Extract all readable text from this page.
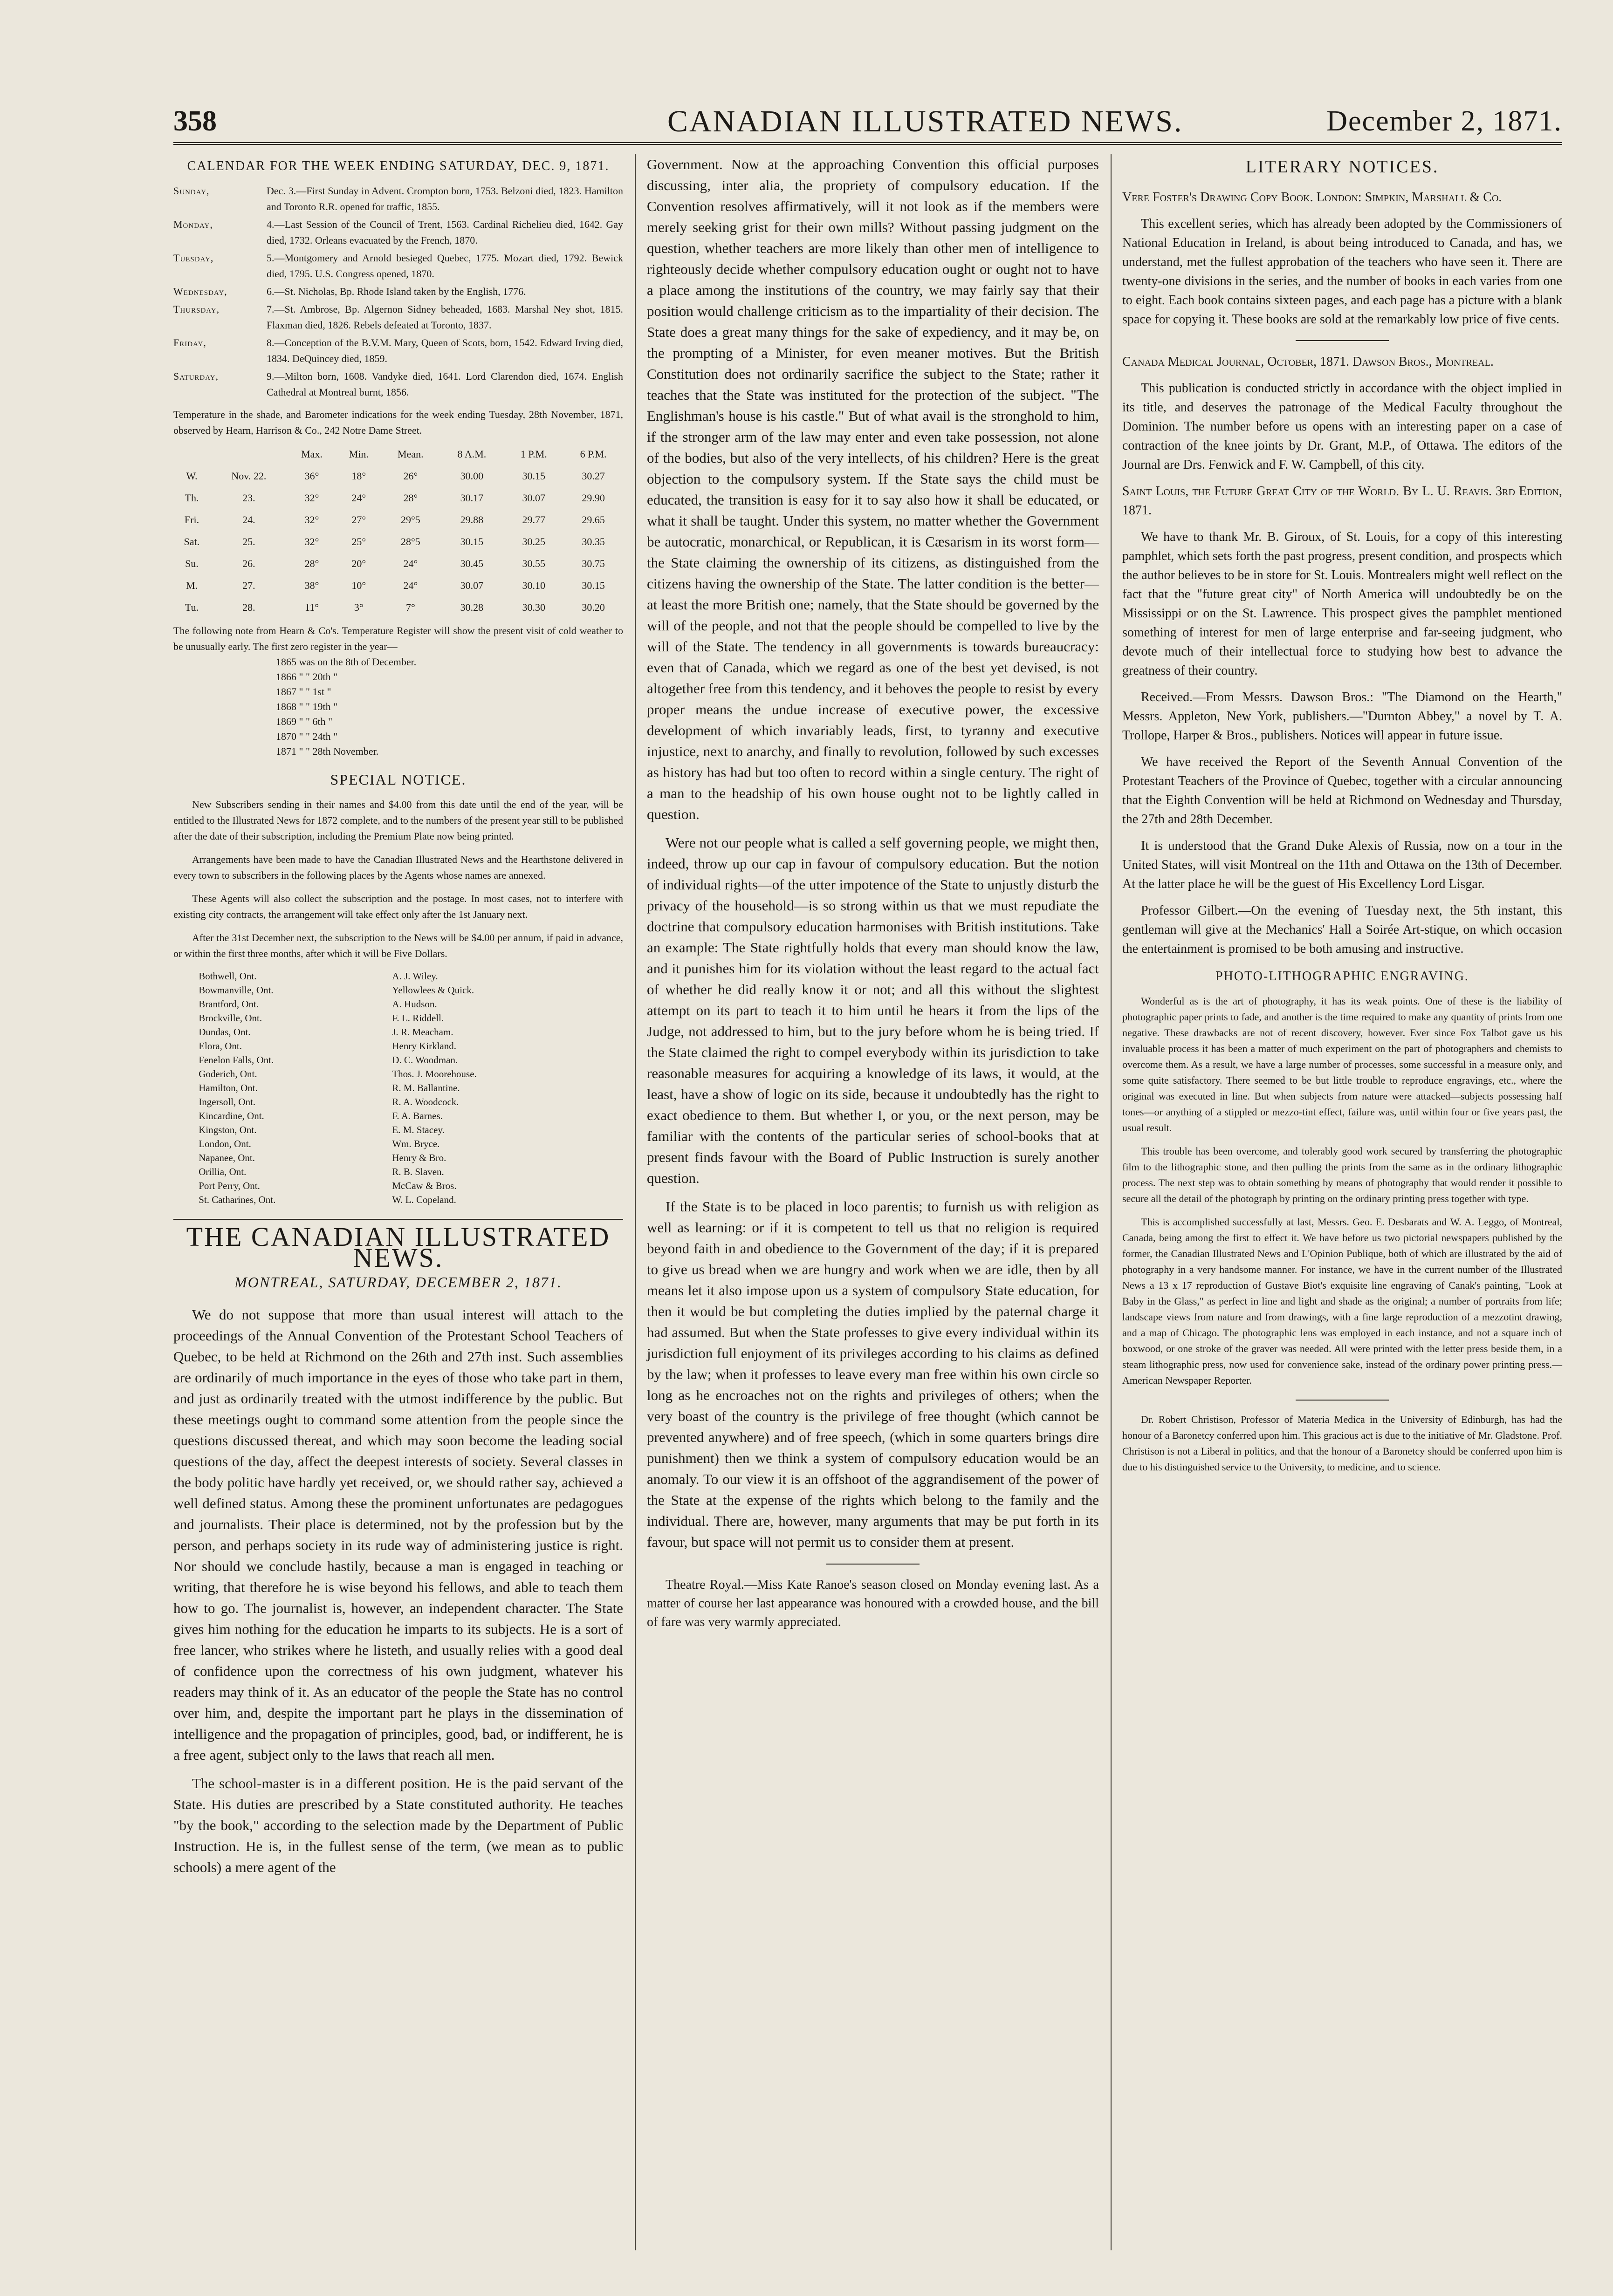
358	CANADIAN ILLUSTRATED NEWS.	December 2, 1871.
CALENDAR FOR THE WEEK ENDING SATURDAY, DEC. 9, 1871.
Sunday,	Dec. 3.—First Sunday in Advent. Crompton born, 1753. Belzoni died, 1823. Hamilton and Toronto R.R. opened for traffic, 1855.
Monday,	4.—Last Session of the Council of Trent, 1563. Cardinal Richelieu died, 1642. Gay died, 1732. Orleans evacuated by the French, 1870.
Tuesday,	5.—Montgomery and Arnold besieged Quebec, 1775. Mozart died, 1792. Bewick died, 1795. U.S. Congress opened, 1870.
Wednesday,	6.—St. Nicholas, Bp. Rhode Island taken by the English, 1776.
Thursday,	7.—St. Ambrose, Bp. Algernon Sidney beheaded, 1683. Marshal Ney shot, 1815. Flaxman died, 1826. Rebels defeated at Toronto, 1837.
Friday,	8.—Conception of the B.V.M. Mary, Queen of Scots, born, 1542. Edward Irving died, 1834. DeQuincey died, 1859.
Saturday,	9.—Milton born, 1608. Vandyke died, 1641. Lord Clarendon died, 1674. English Cathedral at Montreal burnt, 1856.
Temperature in the shade, and Barometer indications for the week ending Tuesday, 28th November, 1871, observed by Hearn, Harrison & Co., 242 Notre Dame Street.
		Max.	Min.	Mean.	8 A.M.	1 P.M.	6 P.M.
W.	Nov. 22.	36°	18°	26°	30.00	30.15	30.27
Th.	23.	32°	24°	28°	30.17	30.07	29.90
Fri.	24.	32°	27°	29°5	29.88	29.77	29.65
Sat.	25.	32°	25°	28°5	30.15	30.25	30.35
Su.	26.	28°	20°	24°	30.45	30.55	30.75
M.	27.	38°	10°	24°	30.07	30.10	30.15
Tu.	28.	11°	3°	7°	30.28	30.30	30.20
The following note from Hearn & Co's. Temperature Register will show the present visit of cold weather to be unusually early. The first zero register in the year—
1865 was on the 8th of December.
1866 " " 20th "
1867 " " 1st "
1868 " " 19th "
1869 " " 6th "
1870 " " 24th "
1871 " " 28th November.
SPECIAL NOTICE.

New Subscribers sending in their names and $4.00 from this date until the end of the year, will be entitled to the Illustrated News for 1872 complete, and to the numbers of the present year still to be published after the date of their subscription, including the Premium Plate now being printed.

Arrangements have been made to have the Canadian Illustrated News and the Hearthstone delivered in every town to subscribers in the following places by the Agents whose names are annexed.

These Agents will also collect the subscription and the postage. In most cases, not to interfere with existing city contracts, the arrangement will take effect only after the 1st January next.

After the 31st December next, the subscription to the News will be $4.00 per annum, if paid in advance, or within the first three months, after which it will be Five Dollars.

Bothwell, Ont.	A. J. Wiley.
Bowmanville, Ont.	Yellowlees & Quick.
Brantford, Ont.	A. Hudson.
Brockville, Ont.	F. L. Riddell.
Dundas, Ont.	J. R. Meacham.
Elora, Ont.	Henry Kirkland.
Fenelon Falls, Ont.	D. C. Woodman.
Goderich, Ont.	Thos. J. Moorehouse.
Hamilton, Ont.	R. M. Ballantine.
Ingersoll, Ont.	R. A. Woodcock.
Kincardine, Ont.	F. A. Barnes.
Kingston, Ont.	E. M. Stacey.
London, Ont.	Wm. Bryce.
Napanee, Ont.	Henry & Bro.
Orillia, Ont.	R. B. Slaven.
Port Perry, Ont.	McCaw & Bros.
St. Catharines, Ont.	W. L. Copeland.
THE CANADIAN ILLUSTRATED NEWS.
MONTREAL, SATURDAY, DECEMBER 2, 1871.

We do not suppose that more than usual interest will attach to the proceedings of the Annual Convention of the Protestant School Teachers of Quebec, to be held at Richmond on the 26th and 27th inst. Such assemblies are ordinarily of much importance in the eyes of those who take part in them, and just as ordinarily treated with the utmost indifference by the public. But these meetings ought to command some attention from the people since the questions discussed thereat, and which may soon become the leading social questions of the day, affect the deepest interests of society. Several classes in the body politic have hardly yet received, or, we should rather say, achieved a well defined status. Among these the prominent unfortunates are pedagogues and journalists. Their place is determined, not by the profession but by the person, and perhaps society in its rude way of administering justice is right. Nor should we conclude hastily, because a man is engaged in teaching or writing, that therefore he is wise beyond his fellows, and able to teach them how to go. The journalist is, however, an independent character. The State gives him nothing for the education he imparts to its subjects. He is a sort of free lancer, who strikes where he listeth, and usually relies with a good deal of confidence upon the correctness of his own judgment, whatever his readers may think of it. As an educator of the people the State has no control over him, and, despite the important part he plays in the dissemination of intelligence and the propagation of principles, good, bad, or indifferent, he is a free agent, subject only to the laws that reach all men.

The school-master is in a different position. He is the paid servant of the State. His duties are prescribed by a State constituted authority. He teaches "by the book," according to the selection made by the Department of Public Instruction. He is, in the fullest sense of the term, (we mean as to public schools) a mere agent of the

Government. Now at the approaching Convention this official purposes discussing, inter alia, the propriety of compulsory education. If the Convention resolves affirmatively, will it not look as if the members were merely seeking grist for their own mills? Without passing judgment on the question, whether teachers are more likely than other men of intelligence to righteously decide whether compulsory education ought or ought not to have a place among the institutions of the country, we may fairly say that their position would challenge criticism as to the impartiality of their decision. The State does a great many things for the sake of expediency, and it may be, on the prompting of a Minister, for even meaner motives. But the British Constitution does not ordinarily sacrifice the subject to the State; rather it teaches that the State was instituted for the protection of the subject. "The Englishman's house is his castle." But of what avail is the stronghold to him, if the stronger arm of the law may enter and even take possession, not alone of the bodies, but also of the very intellects, of his children? Here is the great objection to the compulsory system. If the State says the child must be educated, the transition is easy for it to say also how it shall be educated, or what it shall be taught. Under this system, no matter whether the Government be autocratic, monarchical, or Republican, it is Cæsarism in its worst form—the State claiming the ownership of its citizens, as distinguished from the citizens having the ownership of the State. The latter condition is the better—at least the more British one; namely, that the State should be governed by the will of the people, and not that the people should be compelled to live by the will of the State. The tendency in all governments is towards bureaucracy: even that of Canada, which we regard as one of the best yet devised, is not altogether free from this tendency, and it behoves the people to resist by every proper means the undue increase of executive power, the excessive development of which invariably leads, first, to tyranny and executive injustice, next to anarchy, and finally to revolution, followed by such excesses as history has had but too often to record within a single century. The right of a man to the headship of his own house ought not to be lightly called in question.

Were not our people what is called a self governing people, we might then, indeed, throw up our cap in favour of compulsory education. But the notion of individual rights—of the utter impotence of the State to unjustly disturb the privacy of the household—is so strong within us that we must repudiate the doctrine that compulsory education harmonises with British institutions. Take an example: The State rightfully holds that every man should know the law, and it punishes him for its violation without the least regard to the actual fact of whether he did really know it or not; and all this without the slightest attempt on its part to teach it to him until he hears it from the lips of the Judge, not addressed to him, but to the jury before whom he is being tried. If the State claimed the right to compel everybody within its jurisdiction to take reasonable measures for acquiring a knowledge of its laws, it would, at the least, have a show of logic on its side, because it undoubtedly has the right to exact obedience to them. But whether I, or you, or the next person, may be familiar with the contents of the particular series of school-books that at present finds favour with the Board of Public Instruction is surely another question.

If the State is to be placed in loco parentis; to furnish us with religion as well as learning: or if it is competent to tell us that no religion is required beyond faith in and obedience to the Government of the day; if it is prepared to give us bread when we are hungry and work when we are idle, then by all means let it also impose upon us a system of compulsory State education, for then it would be but completing the duties implied by the paternal charge it had assumed. But when the State professes to give every individual within its jurisdiction full enjoyment of its privileges according to his claims as defined by the law; when it professes to leave every man free within his own circle so long as he encroaches not on the rights and privileges of others; when the very boast of the country is the privilege of free thought (which cannot be prevented anywhere) and of free speech, (which in some quarters brings dire punishment) then we think a system of compulsory education would be an anomaly. To our view it is an offshoot of the aggrandisement of the power of the State at the expense of the rights which belong to the family and the individual. There are, however, many arguments that may be put forth in its favour, but space will not permit us to consider them at present.

Theatre Royal.—Miss Kate Ranoe's season closed on Monday evening last. As a matter of course her last appearance was honoured with a crowded house, and the bill of fare was very warmly appreciated.

LITERARY NOTICES.

Vere Foster's Drawing Copy Book. London: Simpkin, Marshall & Co.

This excellent series, which has already been adopted by the Commissioners of National Education in Ireland, is about being introduced to Canada, and has, we understand, met the fullest approbation of the teachers who have seen it. There are twenty-one divisions in the series, and the number of books in each varies from one to eight. Each book contains sixteen pages, and each page has a picture with a blank space for copying it. These books are sold at the remarkably low price of five cents.

Canada Medical Journal, October, 1871. Dawson Bros., Montreal.

This publication is conducted strictly in accordance with the object implied in its title, and deserves the patronage of the Medical Faculty throughout the Dominion. The number before us opens with an interesting paper on a case of contraction of the knee joints by Dr. Grant, M.P., of Ottawa. The editors of the Journal are Drs. Fenwick and F. W. Campbell, of this city.

Saint Louis, the Future Great City of the World. By L. U. Reavis. 3rd Edition, 1871.

We have to thank Mr. B. Giroux, of St. Louis, for a copy of this interesting pamphlet, which sets forth the past progress, present condition, and prospects which the author believes to be in store for St. Louis. Montrealers might well reflect on the fact that the "future great city" of North America will undoubtedly be on the Mississippi or on the St. Lawrence. This prospect gives the pamphlet mentioned something of interest for men of large enterprise and far-seeing judgment, who devote much of their intellectual force to studying how best to advance the greatness of their country.

Received.—From Messrs. Dawson Bros.: "The Diamond on the Hearth," Messrs. Appleton, New York, publishers.—"Durnton Abbey," a novel by T. A. Trollope, Harper & Bros., publishers. Notices will appear in future issue.

We have received the Report of the Seventh Annual Convention of the Protestant Teachers of the Province of Quebec, together with a circular announcing that the Eighth Convention will be held at Richmond on Wednesday and Thursday, the 27th and 28th December.

It is understood that the Grand Duke Alexis of Russia, now on a tour in the United States, will visit Montreal on the 11th and Ottawa on the 13th of December. At the latter place he will be the guest of His Excellency Lord Lisgar.

Professor Gilbert.—On the evening of Tuesday next, the 5th instant, this gentleman will give at the Mechanics' Hall a Soirée Art-stique, on which occasion the entertainment is promised to be both amusing and instructive.

PHOTO-LITHOGRAPHIC ENGRAVING.

Wonderful as is the art of photography, it has its weak points. One of these is the liability of photographic paper prints to fade, and another is the time required to make any quantity of prints from one negative. These drawbacks are not of recent discovery, however. Ever since Fox Talbot gave us his invaluable process it has been a matter of much experiment on the part of photographers and chemists to overcome them. As a result, we have a large number of processes, some successful in a measure only, and some quite satisfactory. There seemed to be but little trouble to reproduce engravings, etc., where the original was executed in line. But when subjects from nature were attacked—subjects possessing half tones—or anything of a stippled or mezzo-tint effect, failure was, until within four or five years past, the usual result.

This trouble has been overcome, and tolerably good work secured by transferring the photographic film to the lithographic stone, and then pulling the prints from the same as in the ordinary lithographic process. The next step was to obtain something by means of photography that would render it possible to secure all the detail of the photograph by printing on the ordinary printing press together with type.

This is accomplished successfully at last, Messrs. Geo. E. Desbarats and W. A. Leggo, of Montreal, Canada, being among the first to effect it. We have before us two pictorial newspapers published by the former, the Canadian Illustrated News and L'Opinion Publique, both of which are illustrated by the aid of photography in a very handsome manner. For instance, we have in the current number of the Illustrated News a 13 x 17 reproduction of Gustave Biot's exquisite line engraving of Canak's painting, "Look at Baby in the Glass," as perfect in line and light and shade as the original; a number of portraits from life; landscape views from nature and from drawings, with a fine large reproduction of a mezzotint drawing, and a map of Chicago. The photographic lens was employed in each instance, and not a square inch of boxwood, or one stroke of the graver was needed. All were printed with the letter press beside them, in a steam lithographic press, now used for convenience sake, instead of the ordinary power printing press.—American Newspaper Reporter.

Dr. Robert Christison, Professor of Materia Medica in the University of Edinburgh, has had the honour of a Baronetcy conferred upon him. This gracious act is due to the initiative of Mr. Gladstone. Prof. Christison is not a Liberal in politics, and that the honour of a Baronetcy should be conferred upon him is due to his distinguished service to the University, to medicine, and to science.
